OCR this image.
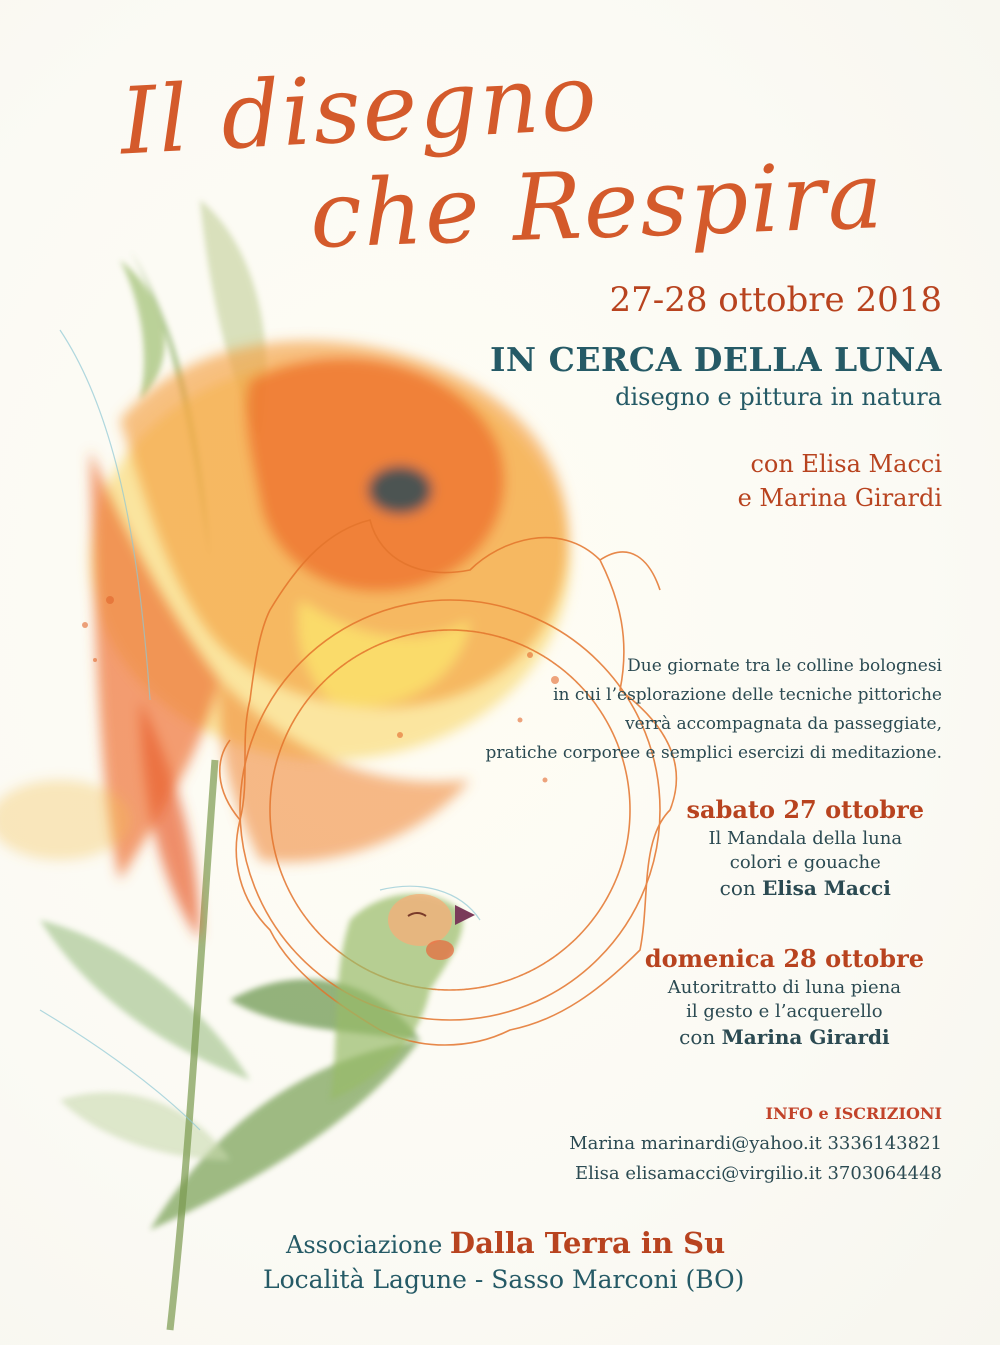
Il disegno
che Respira

27-28 ottobre 2018

IN CERCA DELLA LUNA

disegno e pittura in natura

con Elisa Macci

e Marina Girardi

Due giornate tra le colline bolognesi
in cui l’esplorazione delle tecniche pittoriche
verrà accompagnata da passeggiate,
pratiche corporee e semplici esercizi di meditazione.
sabato 27 ottobre
Il Mandala della luna
colori e gouache
con Elisa Macci
domenica 28 ottobre
Autoritratto di luna piena
il gesto e l’acquerello
con Marina Girardi

INFO e ISCRIZIONI

Marina marinardi@yahoo.it 3336143821

Elisa elisamacci@virgilio.it 3703064448

Associazione Dalla Terra in Su

Località Lagune - Sasso Marconi (BO)
